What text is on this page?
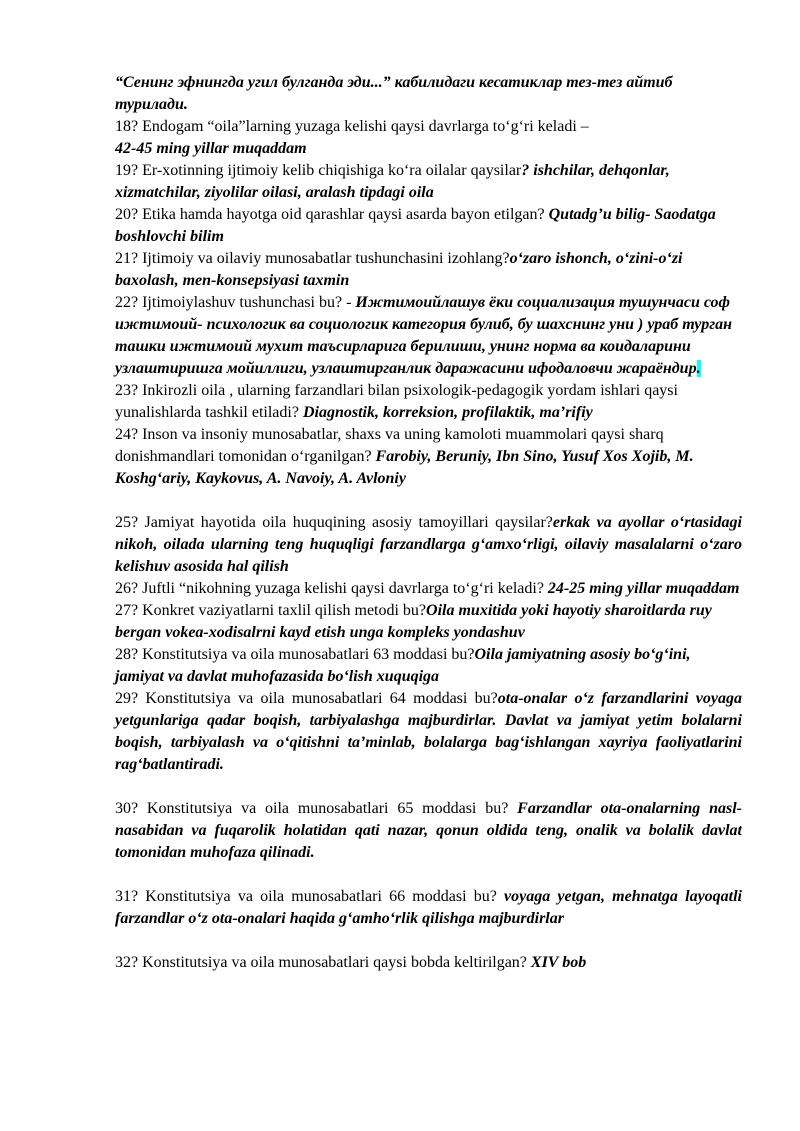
“Сенинг эфнингда угил булганда эди...” кабилидаги кесатиклар тез-тез айтиб турилади.

18? Endogam “oila”larning yuzaga kelishi qaysi davrlarga to‘g‘ri keladi –
42-45 ming yillar muqaddam

19? Er-xotinning ijtimoiy kelib chiqishiga ko‘ra oilalar qaysilar? ishchilar, dehqonlar, xizmatchilar, ziyolilar oilasi, aralash tipdagi oila

20? Etika hamda hayotga oid qarashlar qaysi asarda bayon etilgan? Qutadg’u bilig- Saodatga boshlovchi bilim

21? Ijtimoiy va oilaviy munosabatlar tushunchasini izohlang?o‘zaro ishonch, o‘zini-o‘zi baxolash, men-konsepsiyasi taxmin

22? Ijtimoiylashuv tushunchasi bu? - Ижтимоийлашув ёки социализация тушунчаси соф ижтимоий- психологик ва социологик категория булиб, бу шахснинг уни ) ураб турган ташки ижтимоий мухит таъсирларига берилиши, унинг норма ва коидаларини узлаштиришга мойиллиги, узлаштирганлик даражасини ифодаловчи жараёндир.

23? Inkirozli oila , ularning farzandlari bilan psixologik-pedagogik yordam ishlari qaysi yunalishlarda tashkil etiladi? Diagnostik, korreksion, profilaktik, ma’rifiy

24? Inson va insoniy munosabatlar, shaxs va uning kamoloti muammolari qaysi sharq donishmandlari tomonidan o‘rganilgan? Farobiy, Beruniy, Ibn Sino, Yusuf Xos Xojib, M. Koshg‘ariy, Kaykovus, A. Navoiy, A. Avloniy

25? Jamiyat hayotida oila huquqining asosiy tamoyillari qaysilar?erkak va ayollar o‘rtasidagi nikoh, oilada ularning teng huquqligi farzandlarga g‘amxo‘rligi, oilaviy masalalarni o‘zaro kelishuv asosida hal qilish

26? Juftli “nikohning yuzaga kelishi qaysi davrlarga to‘g‘ri keladi? 24-25 ming yillar muqaddam

27? Konkret vaziyatlarni taxlil qilish metodi bu?Oila muxitida yoki hayotiy sharoitlarda ruy bergan vokea-xodisalrni kayd etish unga kompleks yondashuv

28? Konstitutsiya va oila munosabatlari 63 moddasi bu?Oila jamiyatning asosiy bo‘g‘ini, jamiyat va davlat muhofazasida bo‘lish xuquqiga

29? Konstitutsiya va oila munosabatlari 64 moddasi bu?ota-onalar o‘z farzandlarini voyaga yetgunlariga qadar boqish, tarbiyalashga majburdirlar. Davlat va jamiyat yetim bolalarni boqish, tarbiyalash va o‘qitishni ta’minlab, bolalarga bag‘ishlangan xayriya faoliyatlarini rag‘batlantiradi.

30? Konstitutsiya va oila munosabatlari 65 moddasi bu? Farzandlar ota-onalarning nasl-nasabidan va fuqarolik holatidan qati nazar, qonun oldida teng, onalik va bolalik davlat tomonidan muhofaza qilinadi.

31? Konstitutsiya va oila munosabatlari 66 moddasi bu? voyaga yetgan, mehnatga layoqatli farzandlar o‘z ota-onalari haqida g‘amho‘rlik qilishga majburdirlar

32? Konstitutsiya va oila munosabatlari qaysi bobda keltirilgan? XIV bob
